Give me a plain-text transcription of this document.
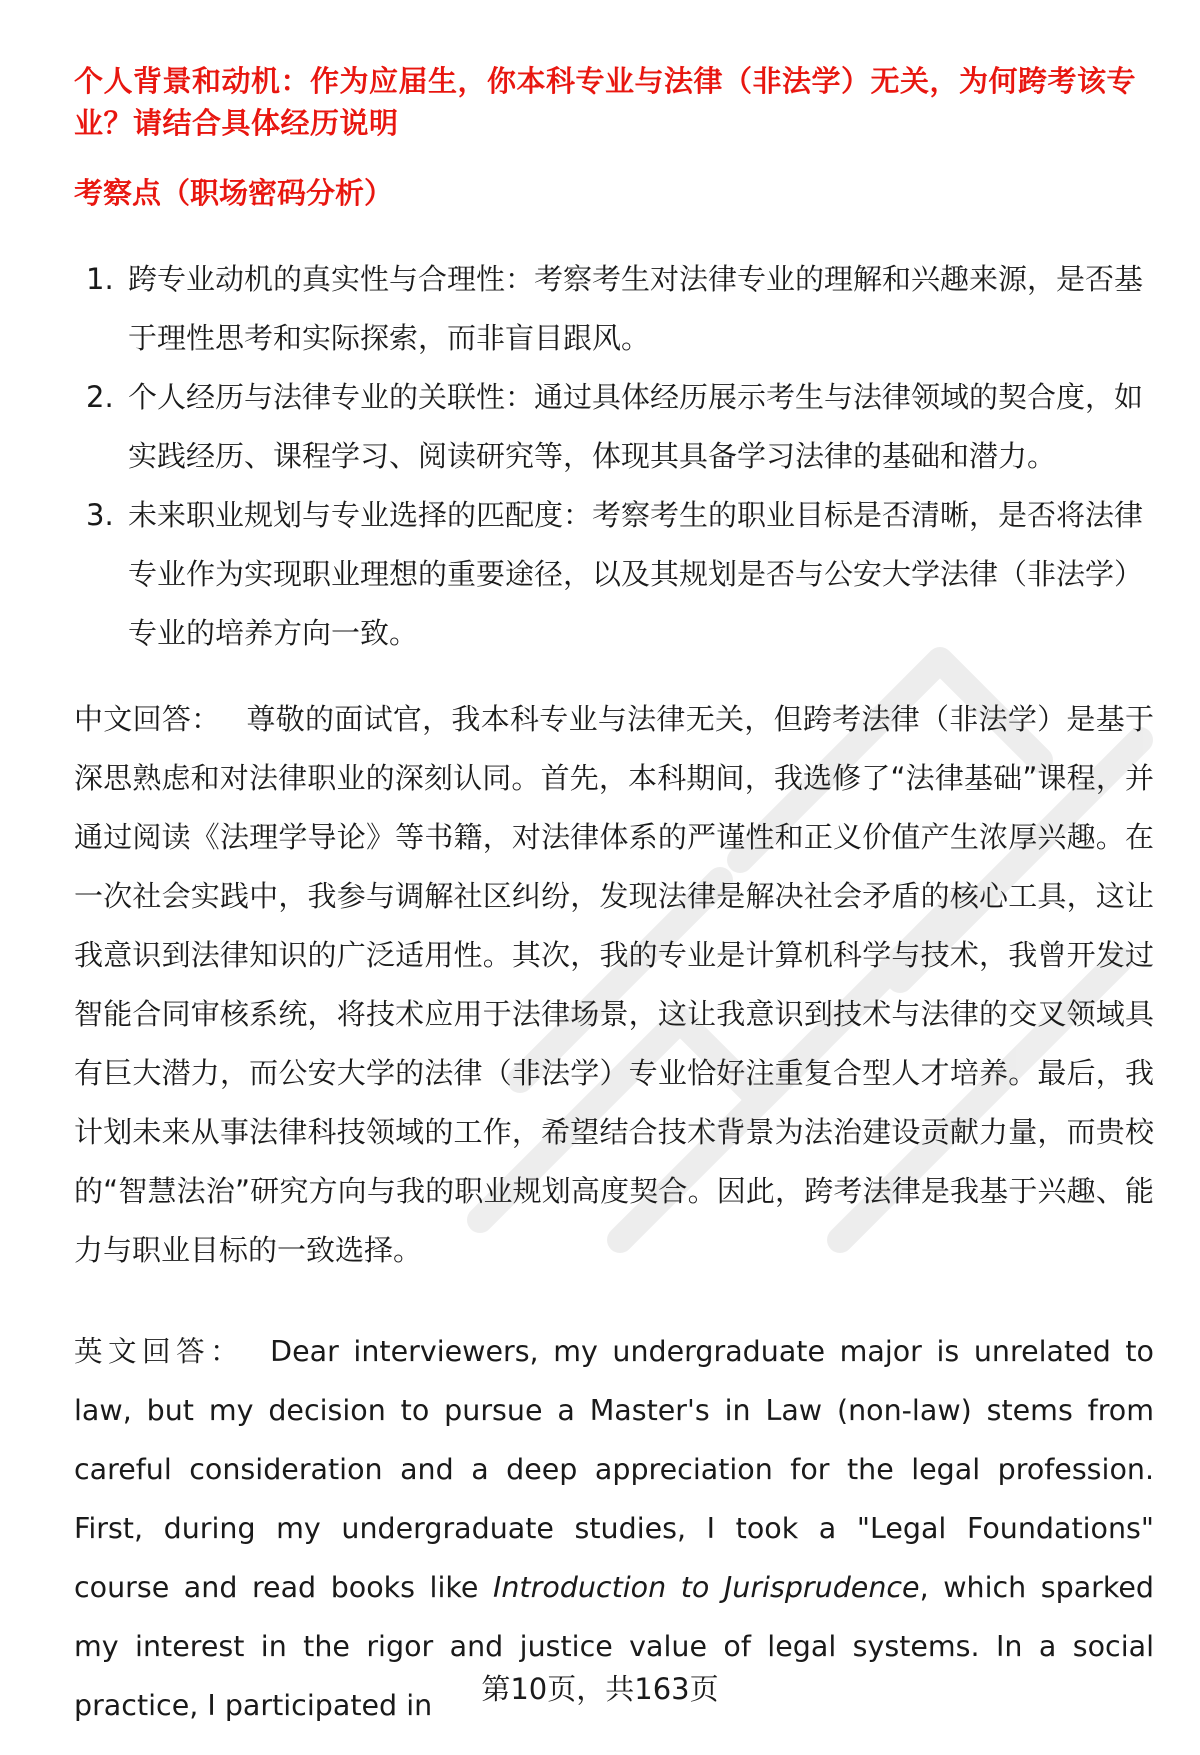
个人背景和动机：作为应届生，你本科专业与法律（非法学）无关，为何跨考该专业？请结合具体经历说明
考察点（职场密码分析）
1. 跨专业动机的真实性与合理性：考察考生对法律专业的理解和兴趣来源，是否基于理性思考和实际探索，而非盲目跟风。
2. 个人经历与法律专业的关联性：通过具体经历展示考生与法律领域的契合度，如实践经历、课程学习、阅读研究等，体现其具备学习法律的基础和潜力。
3. 未来职业规划与专业选择的匹配度：考察考生的职业目标是否清晰，是否将法律专业作为实现职业理想的重要途径，以及其规划是否与公安大学法律（非法学）专业的培养方向一致。

中文回答： 尊敬的面试官，我本科专业与法律无关，但跨考法律（非法学）是基于深思熟虑和对法律职业的深刻认同。首先，本科期间，我选修了“法律基础”课程，并通过阅读《法理学导论》等书籍，对法律体系的严谨性和正义价值产生浓厚兴趣。在一次社会实践中，我参与调解社区纠纷，发现法律是解决社会矛盾的核心工具，这让我意识到法律知识的广泛适用性。其次，我的专业是计算机科学与技术，我曾开发过智能合同审核系统，将技术应用于法律场景，这让我意识到技术与法律的交叉领域具有巨大潜力，而公安大学的法律（非法学）专业恰好注重复合型人才培养。最后，我计划未来从事法律科技领域的工作，希望结合技术背景为法治建设贡献力量，而贵校的“智慧法治”研究方向与我的职业规划高度契合。因此，跨考法律是我基于兴趣、能力与职业目标的一致选择。

英文回答： Dear interviewers, my undergraduate major is unrelated to law, but my decision to pursue a Master's in Law (non-law) stems from careful consideration and a deep appreciation for the legal profession. First, during my undergraduate studies, I took a "Legal Foundations" course and read books like Introduction to Jurisprudence, which sparked my interest in the rigor and justice value of legal systems. In a social practice, I participated in	第10页，共163页
